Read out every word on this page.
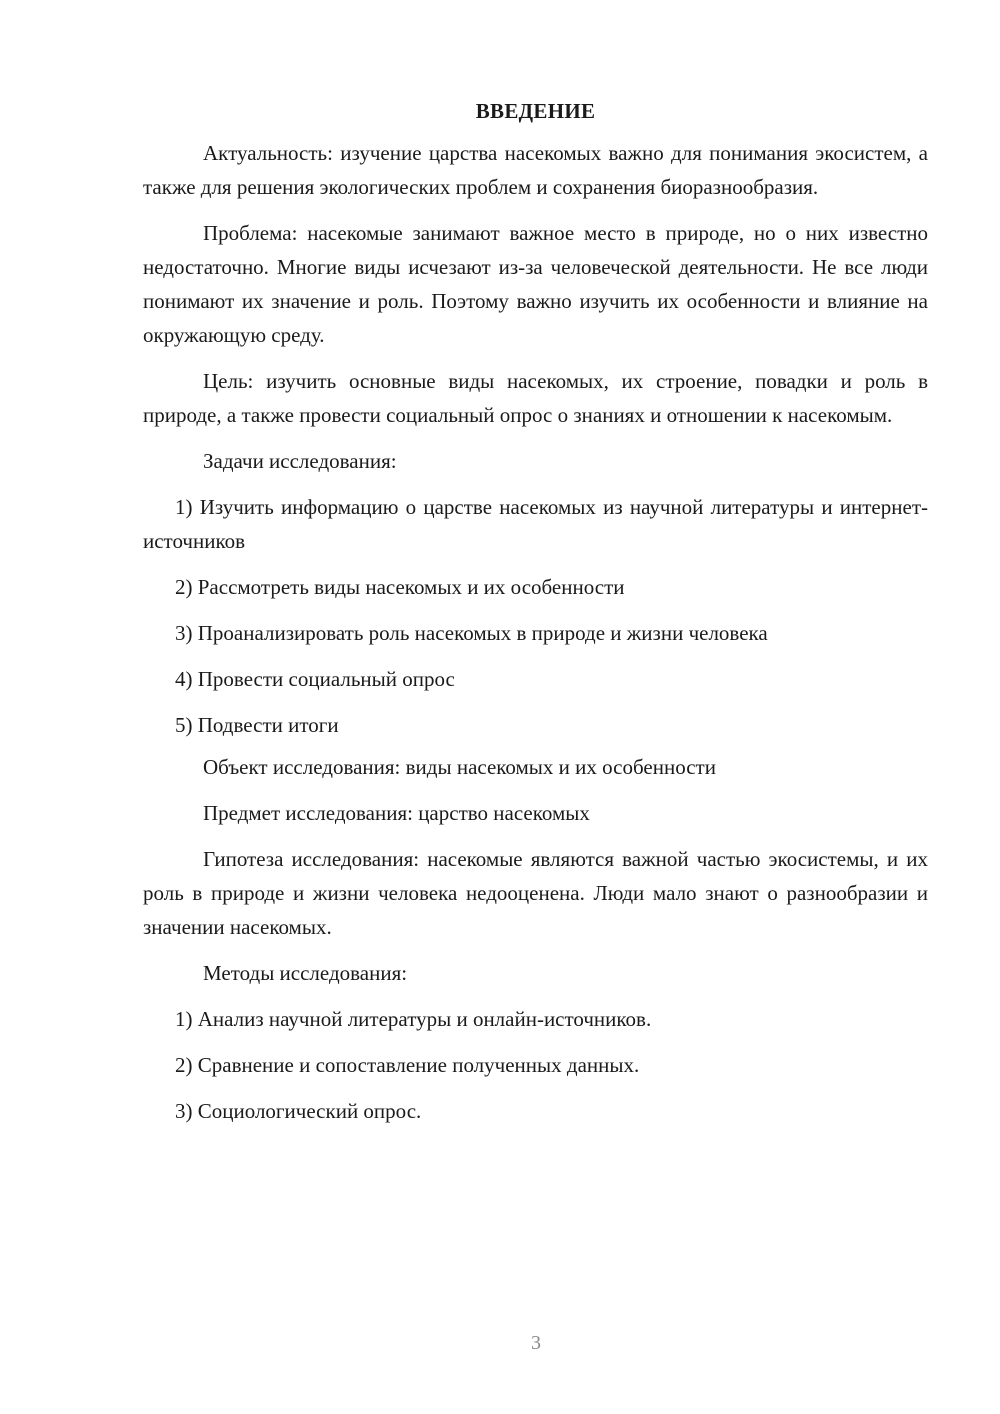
ВВЕДЕНИЕ

Актуальность: изучение царства насекомых важно для понимания экосистем, а также для решения экологических проблем и сохранения биоразнообразия.

Проблема: насекомые занимают важное место в природе, но о них известно недостаточно. Многие виды исчезают из-за человеческой деятельности. Не все люди понимают их значение и роль. Поэтому важно изучить их особенности и влияние на окружающую среду.

Цель: изучить основные виды насекомых, их строение, повадки и роль в природе, а также провести социальный опрос о знаниях и отношении к насекомым.

Задачи исследования:

1) Изучить информацию о царстве насекомых из научной литературы и интернет-источников

2) Рассмотреть виды насекомых и их особенности

3) Проанализировать роль насекомых в природе и жизни человека

4) Провести социальный опрос

5) Подвести итоги

Объект исследования: виды насекомых и их особенности

Предмет исследования: царство насекомых

Гипотеза исследования: насекомые являются важной частью экосистемы, и их роль в природе и жизни человека недооценена. Люди мало знают о разнообразии и значении насекомых.

Методы исследования:

1) Анализ научной литературы и онлайн-источников.

2) Сравнение и сопоставление полученных данных.

3) Социологический опрос.

3
